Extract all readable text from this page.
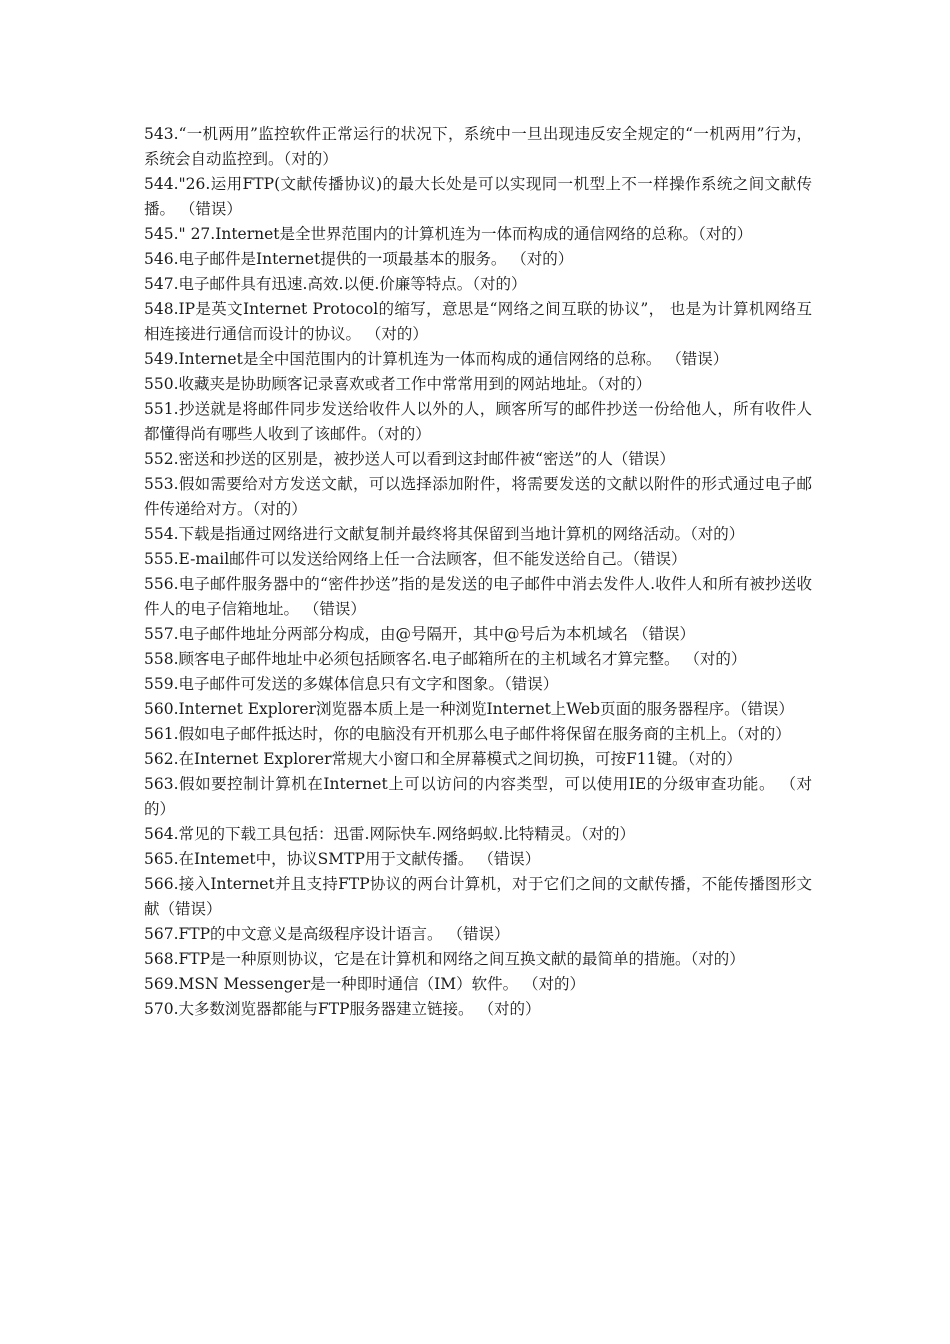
543.“一机两用”监控软件正常运行的状况下，系统中一旦出现违反安全规定的“一机两用”行为，系统会自动监控到。（对的）

544."26.运用FTP(文献传播协议)的最大长处是可以实现同一机型上不一样操作系统之间文献传播。 （错误）

545." 27.Internet是全世界范围内的计算机连为一体而构成的通信网络的总称。（对的）

546.电子邮件是Internet提供的一项最基本的服务。 （对的）

547.电子邮件具有迅速.高效.以便.价廉等特点。（对的）

548.IP是英文Internet Protocol的缩写，意思是“网络之间互联的协议”， 也是为计算机网络互相连接进行通信而设计的协议。 （对的）

549.Internet是全中国范围内的计算机连为一体而构成的通信网络的总称。 （错误）

550.收藏夹是协助顾客记录喜欢或者工作中常常用到的网站地址。（对的）

551.抄送就是将邮件同步发送给收件人以外的人，顾客所写的邮件抄送一份给他人，所有收件人都懂得尚有哪些人收到了该邮件。（对的）

552.密送和抄送的区别是，被抄送人可以看到这封邮件被“密送”的人（错误）

553.假如需要给对方发送文献，可以选择添加附件，将需要发送的文献以附件的形式通过电子邮件传递给对方。（对的）

554.下载是指通过网络进行文献复制并最终将其保留到当地计算机的网络活动。（对的）

555.E-mail邮件可以发送给网络上任一合法顾客，但不能发送给自己。（错误）

556.电子邮件服务器中的“密件抄送”指的是发送的电子邮件中消去发件人.收件人和所有被抄送收件人的电子信箱地址。 （错误）

557.电子邮件地址分两部分构成，由@号隔开，其中@号后为本机域名 （错误）

558.顾客电子邮件地址中必须包括顾客名.电子邮箱所在的主机域名才算完整。 （对的）

559.电子邮件可发送的多媒体信息只有文字和图象。（错误）

560.Internet Explorer浏览器本质上是一种浏览Internet上Web页面的服务器程序。（错误）

561.假如电子邮件抵达时，你的电脑没有开机那么电子邮件将保留在服务商的主机上。（对的）

562.在Internet Explorer常规大小窗口和全屏幕模式之间切换，可按F11键。（对的）

563.假如要控制计算机在Internet上可以访问的内容类型，可以使用IE的分级审查功能。 （对的）

564.常见的下载工具包括：迅雷.网际快车.网络蚂蚁.比特精灵。（对的）

565.在Intemet中，协议SMTP用于文献传播。 （错误）

566.接入Internet并且支持FTP协议的两台计算机，对于它们之间的文献传播，不能传播图形文献（错误）

567.FTP的中文意义是高级程序设计语言。 （错误）

568.FTP是一种原则协议，它是在计算机和网络之间互换文献的最简单的措施。（对的）

569.MSN Messenger是一种即时通信（IM）软件。 （对的）

570.大多数浏览器都能与FTP服务器建立链接。 （对的）
